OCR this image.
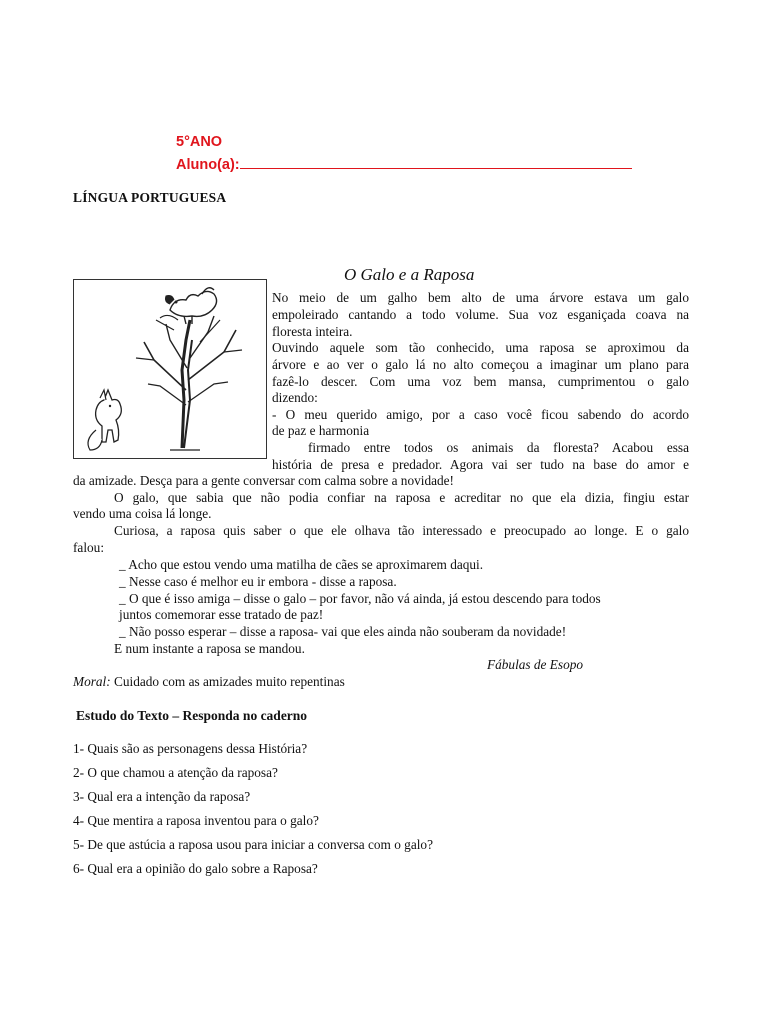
5°ANO
Aluno(a):
LÍNGUA PORTUGUESA
O Galo e a Raposa
No meio de um galho bem alto de uma árvore estava um galo
empoleirado cantando a todo volume. Sua voz esganiçada coava na
floresta inteira.
Ouvindo aquele som tão conhecido, uma raposa se aproximou da
árvore e ao ver o galo lá no alto começou a imaginar um plano para
fazê-lo descer. Com uma voz bem mansa, cumprimentou o galo
dizendo:
- O meu querido amigo, por a caso você ficou sabendo do acordo
de paz e harmonia
firmado entre todos os animais da floresta? Acabou essa
história de presa e predador. Agora vai ser tudo na base do amor e
da amizade. Desça para a gente conversar com calma sobre a novidade!
O galo, que sabia que não podia confiar na raposa e acreditar no que ela dizia, fingiu estar
vendo uma coisa lá longe.
Curiosa, a raposa quis saber o que ele olhava tão interessado e preocupado ao longe. E o galo
falou:
_ Acho que estou vendo uma matilha de cães se aproximarem daqui.
_ Nesse caso é melhor eu ir embora - disse a raposa.
_ O que é isso amiga – disse o galo – por favor, não vá ainda, já estou descendo para todos
juntos comemorar esse tratado de paz!
_ Não posso esperar – disse a raposa- vai que eles ainda não souberam da novidade!
E num instante a raposa se mandou.
Fábulas de Esopo
Moral: Cuidado com as amizades muito repentinas
Estudo do Texto – Responda no caderno
1- Quais são as personagens dessa História?
2- O que chamou a atenção da raposa?
3- Qual era a intenção da raposa?
4- Que mentira a raposa inventou para o galo?
5- De que astúcia a raposa usou para iniciar a conversa com o galo?
6- Qual era a opinião do galo sobre a Raposa?
